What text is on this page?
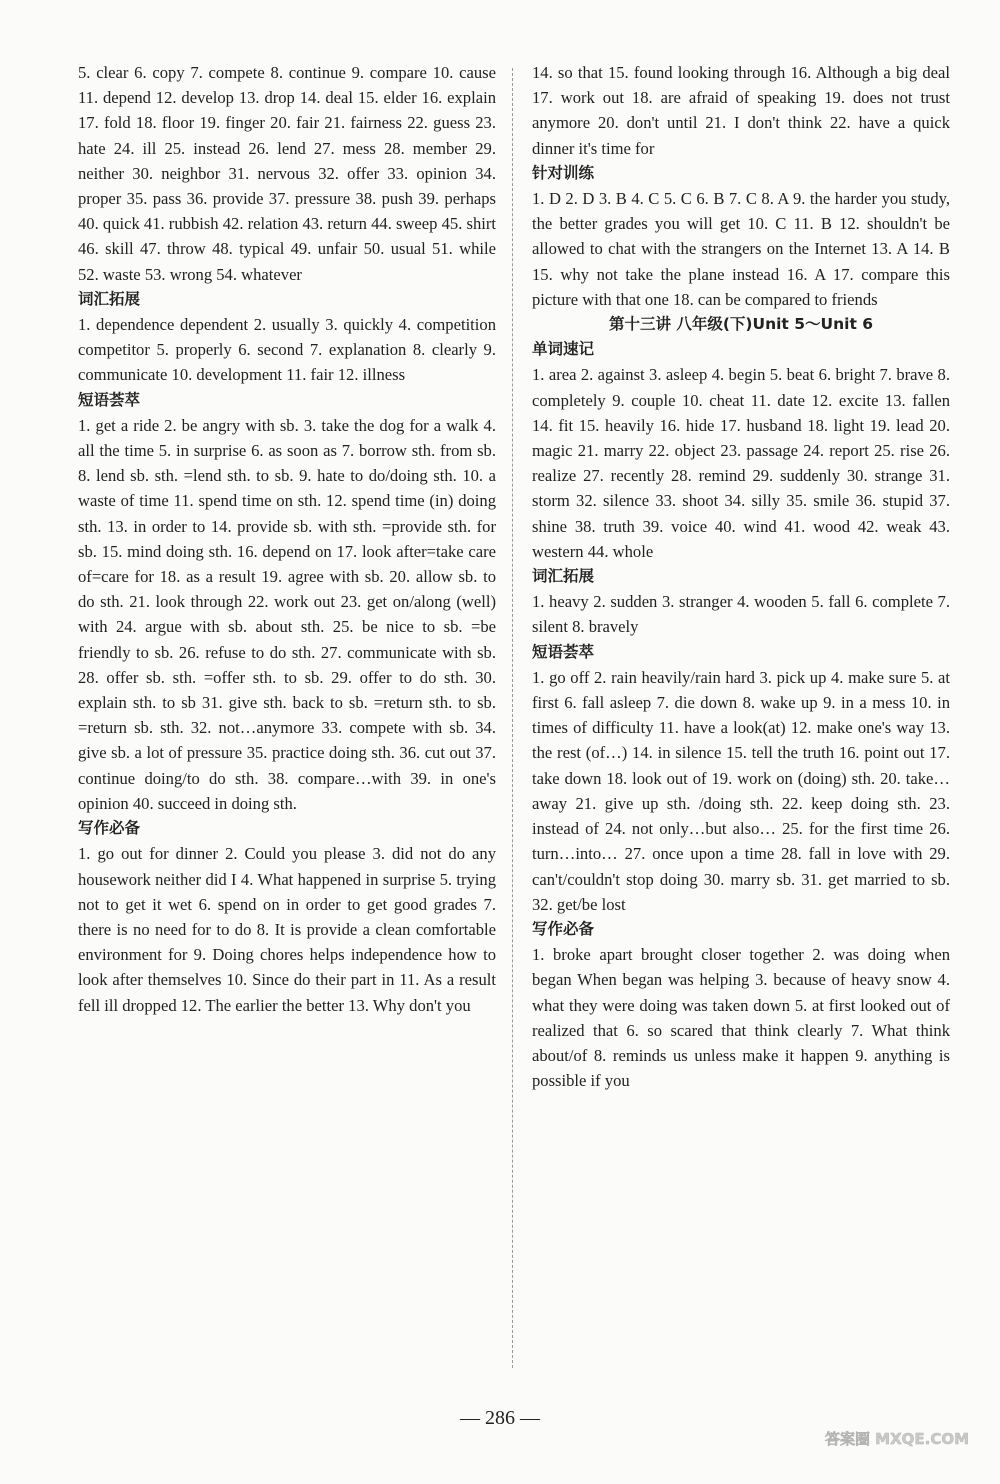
5. clear 6. copy 7. compete 8. continue 9. compare 10. cause 11. depend 12. develop 13. drop 14. deal 15. elder 16. explain 17. fold 18. floor 19. finger 20. fair 21. fairness 22. guess 23. hate 24. ill 25. instead 26. lend 27. mess 28. member 29. neither 30. neighbor 31. nervous 32. offer 33. opinion 34. proper 35. pass 36. provide 37. pressure 38. push 39. perhaps 40. quick 41. rubbish 42. relation 43. return 44. sweep 45. shirt 46. skill 47. throw 48. typical 49. unfair 50. usual 51. while 52. waste 53. wrong 54. whatever

词汇拓展

1. dependence dependent 2. usually 3. quickly 4. competition competitor 5. properly 6. second 7. explanation 8. clearly 9. communicate 10. development 11. fair 12. illness

短语荟萃

1. get a ride 2. be angry with sb. 3. take the dog for a walk 4. all the time 5. in surprise 6. as soon as 7. borrow sth. from sb. 8. lend sb. sth. =lend sth. to sb. 9. hate to do/doing sth. 10. a waste of time 11. spend time on sth. 12. spend time (in) doing sth. 13. in order to 14. provide sb. with sth. =provide sth. for sb. 15. mind doing sth. 16. depend on 17. look after=take care of=care for 18. as a result 19. agree with sb. 20. allow sb. to do sth. 21. look through 22. work out 23. get on/along (well) with 24. argue with sb. about sth. 25. be nice to sb. =be friendly to sb. 26. refuse to do sth. 27. communicate with sb. 28. offer sb. sth. =offer sth. to sb. 29. offer to do sth. 30. explain sth. to sb 31. give sth. back to sb. =return sth. to sb. =return sb. sth. 32. not…anymore 33. compete with sb. 34. give sb. a lot of pressure 35. practice doing sth. 36. cut out 37. continue doing/to do sth. 38. compare…with 39. in one's opinion 40. succeed in doing sth.

写作必备

1. go out for dinner 2. Could you please 3. did not do any housework neither did I 4. What happened in surprise 5. trying not to get it wet 6. spend on in order to get good grades 7. there is no need for to do 8. It is provide a clean comfortable environment for 9. Doing chores helps independence how to look after themselves 10. Since do their part in 11. As a result fell ill dropped 12. The earlier the better 13. Why don't you

14. so that 15. found looking through 16. Although a big deal 17. work out 18. are afraid of speaking 19. does not trust anymore 20. don't until 21. I don't think 22. have a quick dinner it's time for

针对训练

1. D 2. D 3. B 4. C 5. C 6. B 7. C 8. A 9. the harder you study, the better grades you will get 10. C 11. B 12. shouldn't be allowed to chat with the strangers on the Internet 13. A 14. B 15. why not take the plane instead 16. A 17. compare this picture with that one 18. can be compared to friends

第十三讲 八年级(下)Unit 5～Unit 6
单词速记

1. area 2. against 3. asleep 4. begin 5. beat 6. bright 7. brave 8. completely 9. couple 10. cheat 11. date 12. excite 13. fallen 14. fit 15. heavily 16. hide 17. husband 18. light 19. lead 20. magic 21. marry 22. object 23. passage 24. report 25. rise 26. realize 27. recently 28. remind 29. suddenly 30. strange 31. storm 32. silence 33. shoot 34. silly 35. smile 36. stupid 37. shine 38. truth 39. voice 40. wind 41. wood 42. weak 43. western 44. whole

词汇拓展

1. heavy 2. sudden 3. stranger 4. wooden 5. fall 6. complete 7. silent 8. bravely

短语荟萃

1. go off 2. rain heavily/rain hard 3. pick up 4. make sure 5. at first 6. fall asleep 7. die down 8. wake up 9. in a mess 10. in times of difficulty 11. have a look(at) 12. make one's way 13. the rest (of…) 14. in silence 15. tell the truth 16. point out 17. take down 18. look out of 19. work on (doing) sth. 20. take…away 21. give up sth. /doing sth. 22. keep doing sth. 23. instead of 24. not only…but also… 25. for the first time 26. turn…into… 27. once upon a time 28. fall in love with 29. can't/couldn't stop doing 30. marry sb. 31. get married to sb. 32. get/be lost

写作必备

1. broke apart brought closer together 2. was doing when began When began was helping 3. because of heavy snow 4. what they were doing was taken down 5. at first looked out of realized that 6. so scared that think clearly 7. What think about/of 8. reminds us unless make it happen 9. anything is possible if you

— 286 —
答案圈 MXQE.COM
